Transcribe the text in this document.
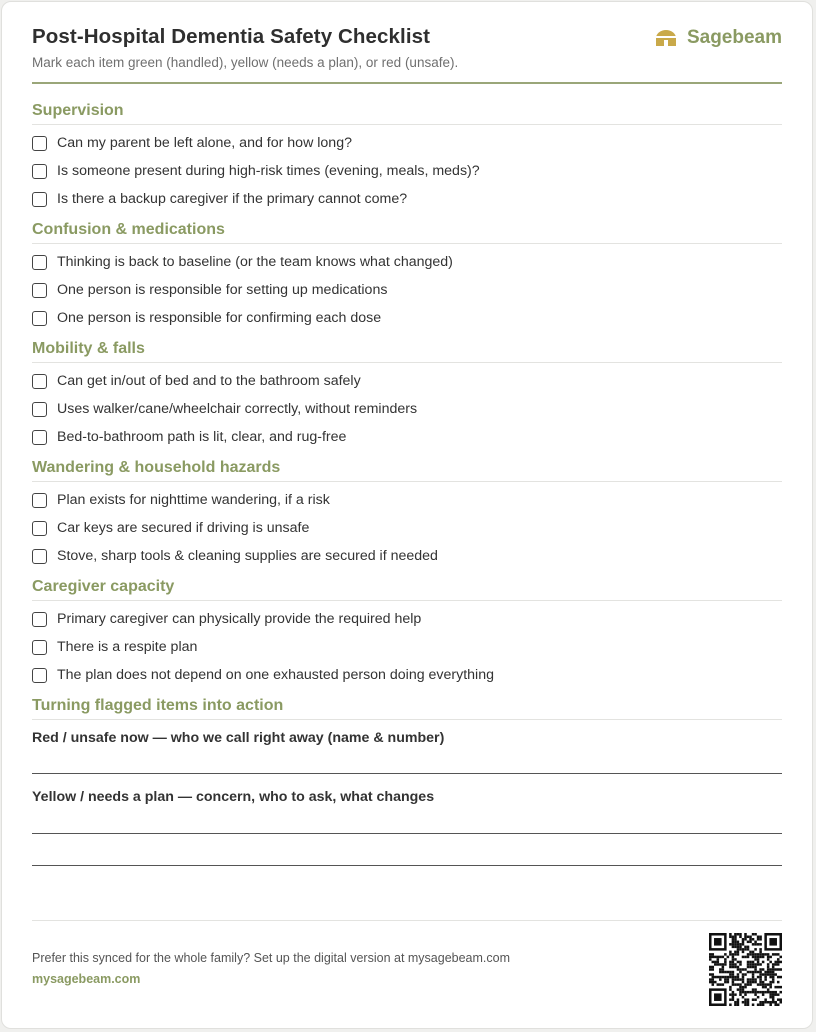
Post-Hospital Dementia Safety Checklist
Mark each item green (handled), yellow (needs a plan), or red (unsafe).
Sagebeam
Supervision
Can my parent be left alone, and for how long?
Is someone present during high-risk times (evening, meals, meds)?
Is there a backup caregiver if the primary cannot come?
Confusion & medications
Thinking is back to baseline (or the team knows what changed)
One person is responsible for setting up medications
One person is responsible for confirming each dose
Mobility & falls
Can get in/out of bed and to the bathroom safely
Uses walker/cane/wheelchair correctly, without reminders
Bed-to-bathroom path is lit, clear, and rug-free
Wandering & household hazards
Plan exists for nighttime wandering, if a risk
Car keys are secured if driving is unsafe
Stove, sharp tools & cleaning supplies are secured if needed
Caregiver capacity
Primary caregiver can physically provide the required help
There is a respite plan
The plan does not depend on one exhausted person doing everything
Turning flagged items into action
Red / unsafe now — who we call right away (name & number)
Yellow / needs a plan — concern, who to ask, what changes
Prefer this synced for the whole family? Set up the digital version at mysagebeam.com
mysagebeam.com
